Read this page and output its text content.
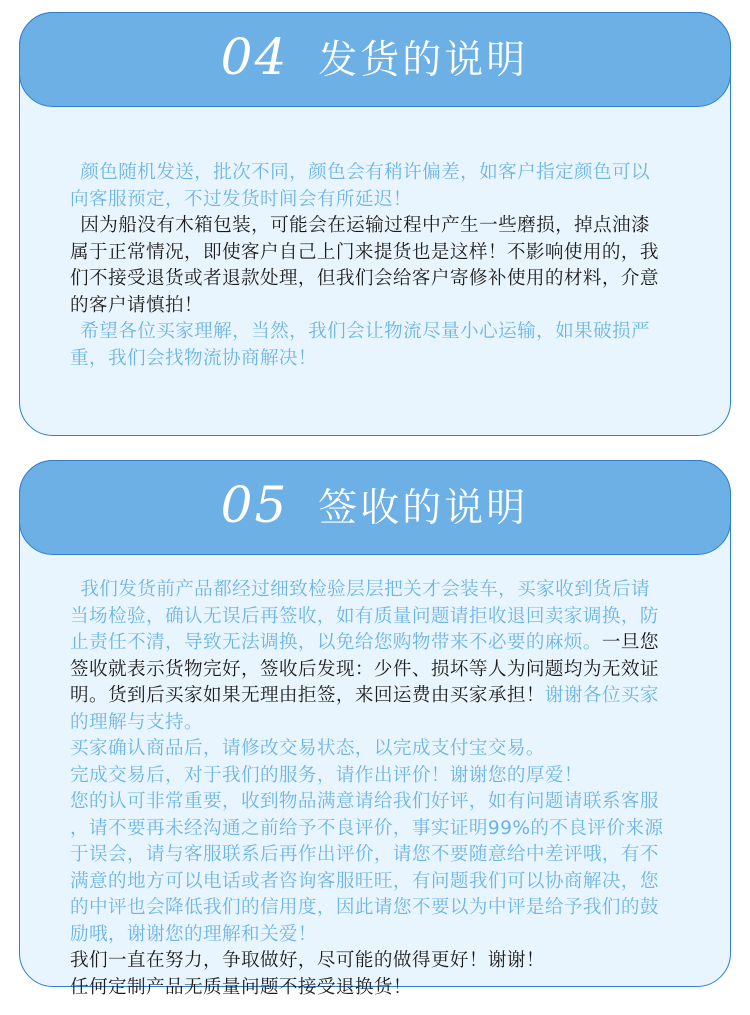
04 发货的说明

颜色随机发送，批次不同，颜色会有稍许偏差，如客户指定颜色可以

向客服预定，不过发货时间会有所延迟！

因为船没有木箱包装，可能会在运输过程中产生一些磨损，掉点油漆

属于正常情况，即使客户自己上门来提货也是这样！不影响使用的，我

们不接受退货或者退款处理，但我们会给客户寄修补使用的材料，介意

的客户请慎拍！

希望各位买家理解，当然，我们会让物流尽量小心运输，如果破损严

重，我们会找物流协商解决！

05 签收的说明

我们发货前产品都经过细致检验层层把关才会装车，买家收到货后请

当场检验，确认无误后再签收，如有质量问题请拒收退回卖家调换，防

止责任不清，导致无法调换，以免给您购物带来不必要的麻烦。一旦您

签收就表示货物完好，签收后发现：少件、损坏等人为问题均为无效证

明。货到后买家如果无理由拒签，来回运费由买家承担！谢谢各位买家

的理解与支持。

买家确认商品后，请修改交易状态，以完成支付宝交易。

完成交易后，对于我们的服务，请作出评价！谢谢您的厚爱！

您的认可非常重要，收到物品满意请给我们好评，如有问题请联系客服

，请不要再未经沟通之前给予不良评价，事实证明99%的不良评价来源

于误会，请与客服联系后再作出评价，请您不要随意给中差评哦，有不

满意的地方可以电话或者咨询客服旺旺，有问题我们可以协商解决，您

的中评也会降低我们的信用度，因此请您不要以为中评是给予我们的鼓

励哦，谢谢您的理解和关爱！

我们一直在努力，争取做好，尽可能的做得更好！谢谢！

任何定制产品无质量问题不接受退换货！
